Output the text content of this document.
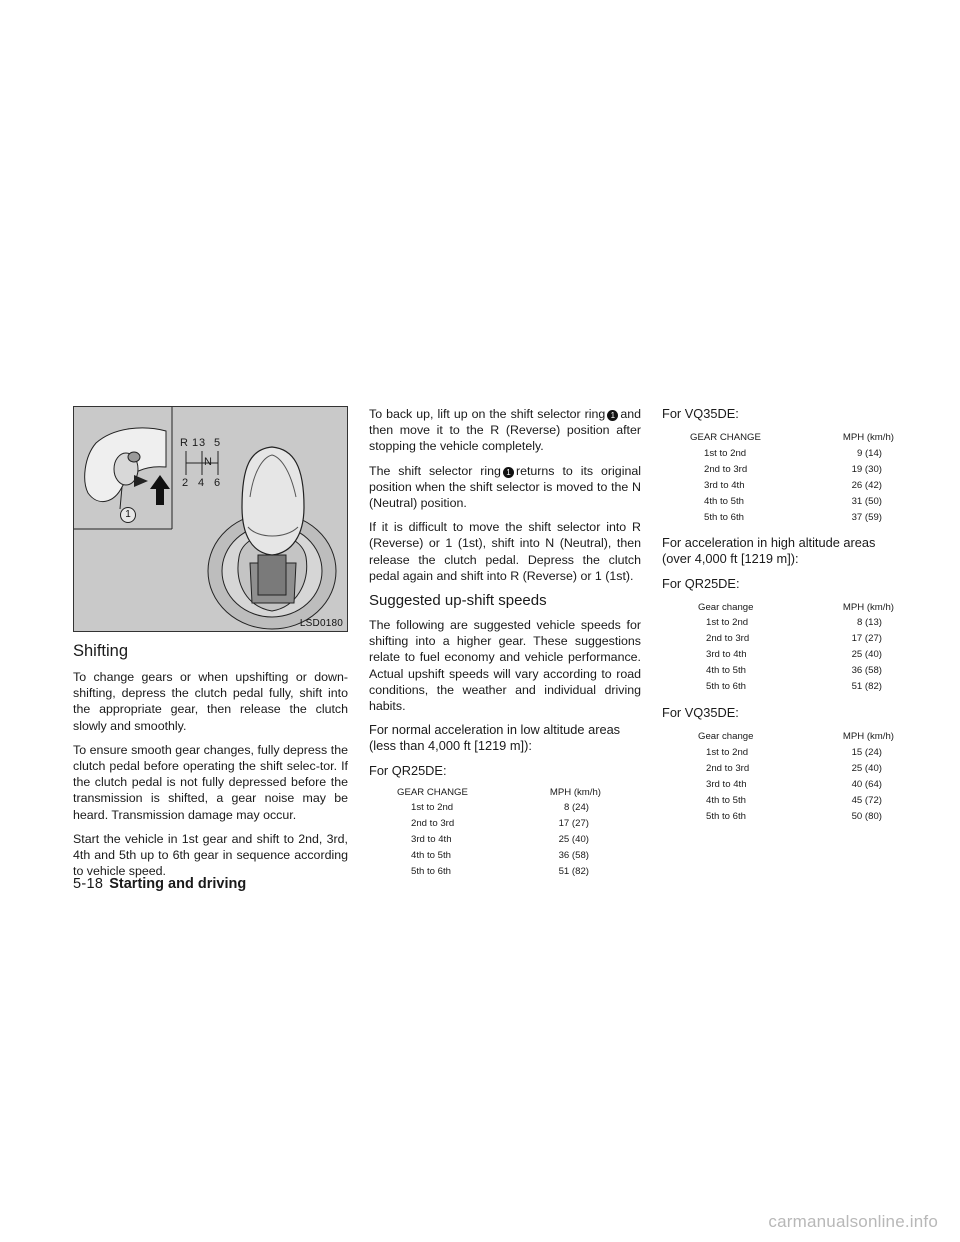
1
R 1 3 5
N
2 4 6
LSD0180
Shifting

To change gears or when upshifting or down-shifting, depress the clutch pedal fully, shift into the appropriate gear, then release the clutch slowly and smoothly.

To ensure smooth gear changes, fully depress the clutch pedal before operating the shift selec-tor. If the clutch pedal is not fully depressed before the transmission is shifted, a gear noise may be heard. Transmission damage may occur.

Start the vehicle in 1st gear and shift to 2nd, 3rd, 4th and 5th up to 6th gear in sequence according to vehicle speed.

To back up, lift up on the shift selector ring 1 and then move it to the R (Reverse) position after stopping the vehicle completely.

The shift selector ring 1 returns to its original position when the shift selector is moved to the N (Neutral) position.

If it is difficult to move the shift selector into R (Reverse) or 1 (1st), shift into N (Neutral), then release the clutch pedal. Depress the clutch pedal again and shift into R (Reverse) or 1 (1st).

Suggested up-shift speeds

The following are suggested vehicle speeds for shifting into a higher gear. These suggestions relate to fuel economy and vehicle performance. Actual upshift speeds will vary according to road conditions, the weather and individual driving habits.

For normal acceleration in low altitude areas (less than 4,000 ft [1219 m]):

For QR25DE:

GEAR CHANGE	MPH (km/h)
1st to 2nd	8 (24)
2nd to 3rd	17 (27)
3rd to 4th	25 (40)
4th to 5th	36 (58)
5th to 6th	51 (82)

For VQ35DE:

GEAR CHANGE	MPH (km/h)
1st to 2nd	9 (14)
2nd to 3rd	19 (30)
3rd to 4th	26 (42)
4th to 5th	31 (50)
5th to 6th	37 (59)

For acceleration in high altitude areas (over 4,000 ft [1219 m]):

For QR25DE:

Gear change	MPH (km/h)
1st to 2nd	8 (13)
2nd to 3rd	17 (27)
3rd to 4th	25 (40)
4th to 5th	36 (58)
5th to 6th	51 (82)

For VQ35DE:

Gear change	MPH (km/h)
1st to 2nd	15 (24)
2nd to 3rd	25 (40)
3rd to 4th	40 (64)
4th to 5th	45 (72)
5th to 6th	50 (80)
5-18 Starting and driving
carmanualsonline.info
